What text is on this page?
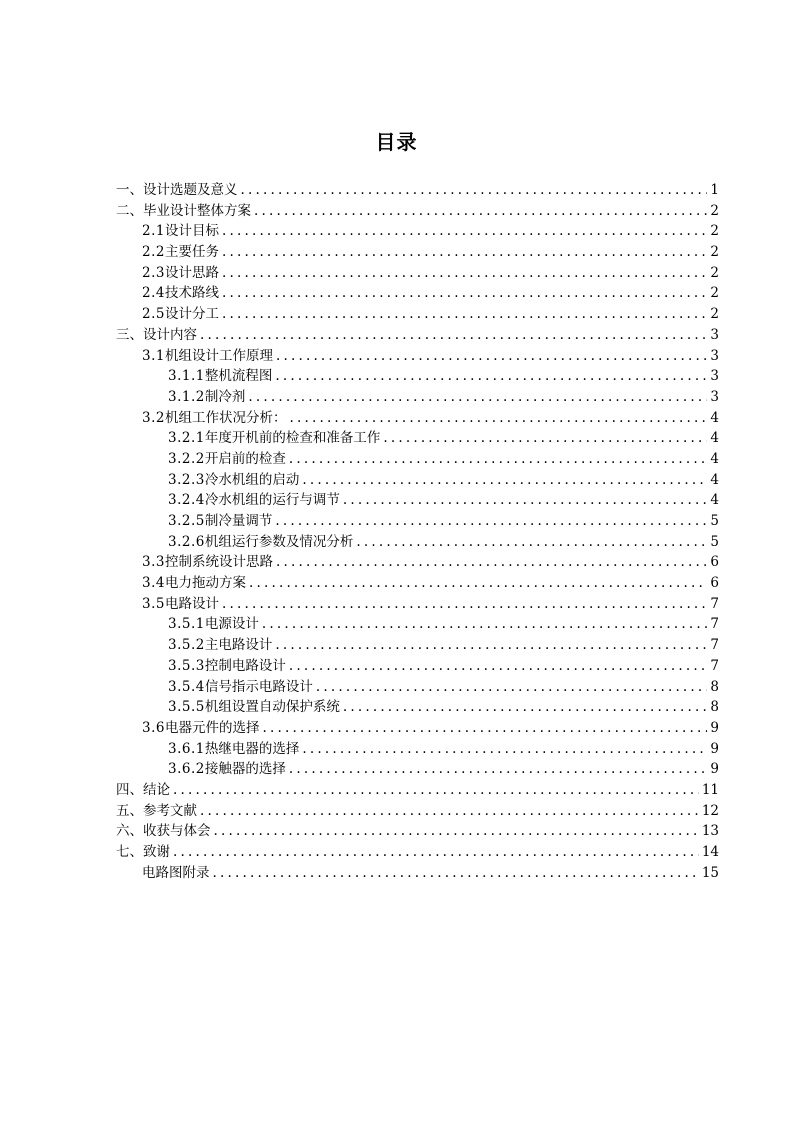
目录
一、设计选题及意义 .....	1
二、毕业设计整体方案 .....	2
2.1 设计目标 .....	2
2.2 主要任务 .....	2
2.3 设计思路 .....	2
2.4 技术路线 .....	2
2.5 设计分工 .....	2
三、设计内容 .....	3
3.1 机组设计工作原理 .....	3
3.1.1 整机流程图 .....	3
3.1.2 制冷剂 .....	3
3.2 机组工作状况分析： .....	4
3.2.1 年度开机前的检查和准备工作 .....	4
3.2.2 开启前的检查 .....	4
3.2.3 冷水机组的启动 .....	4
3.2.4 冷水机组的运行与调节 .....	4
3.2.5 制冷量调节 .....	5
3.2.6 机组运行参数及情况分析 .....	5
3.3 控制系统设计思路 .....	6
3.4 电力拖动方案 .....	6
3.5 电路设计 .....	7
3.5.1 电源设计 .....	7
3.5.2 主电路设计 .....	7
3.5.3 控制电路设计 .....	7
3.5.4 信号指示电路设计 .....	8
3.5.5 机组设置自动保护系统 .....	8
3.6 电器元件的选择 .....	9
3.6.1 热继电器的选择 .....	9
3.6.2 接触器的选择 .....	9
四、结论 .....	11
五、参考文献 .....	12
六、收获与体会 .....	13
七、致谢 .....	14
电路图附录 .....	15
